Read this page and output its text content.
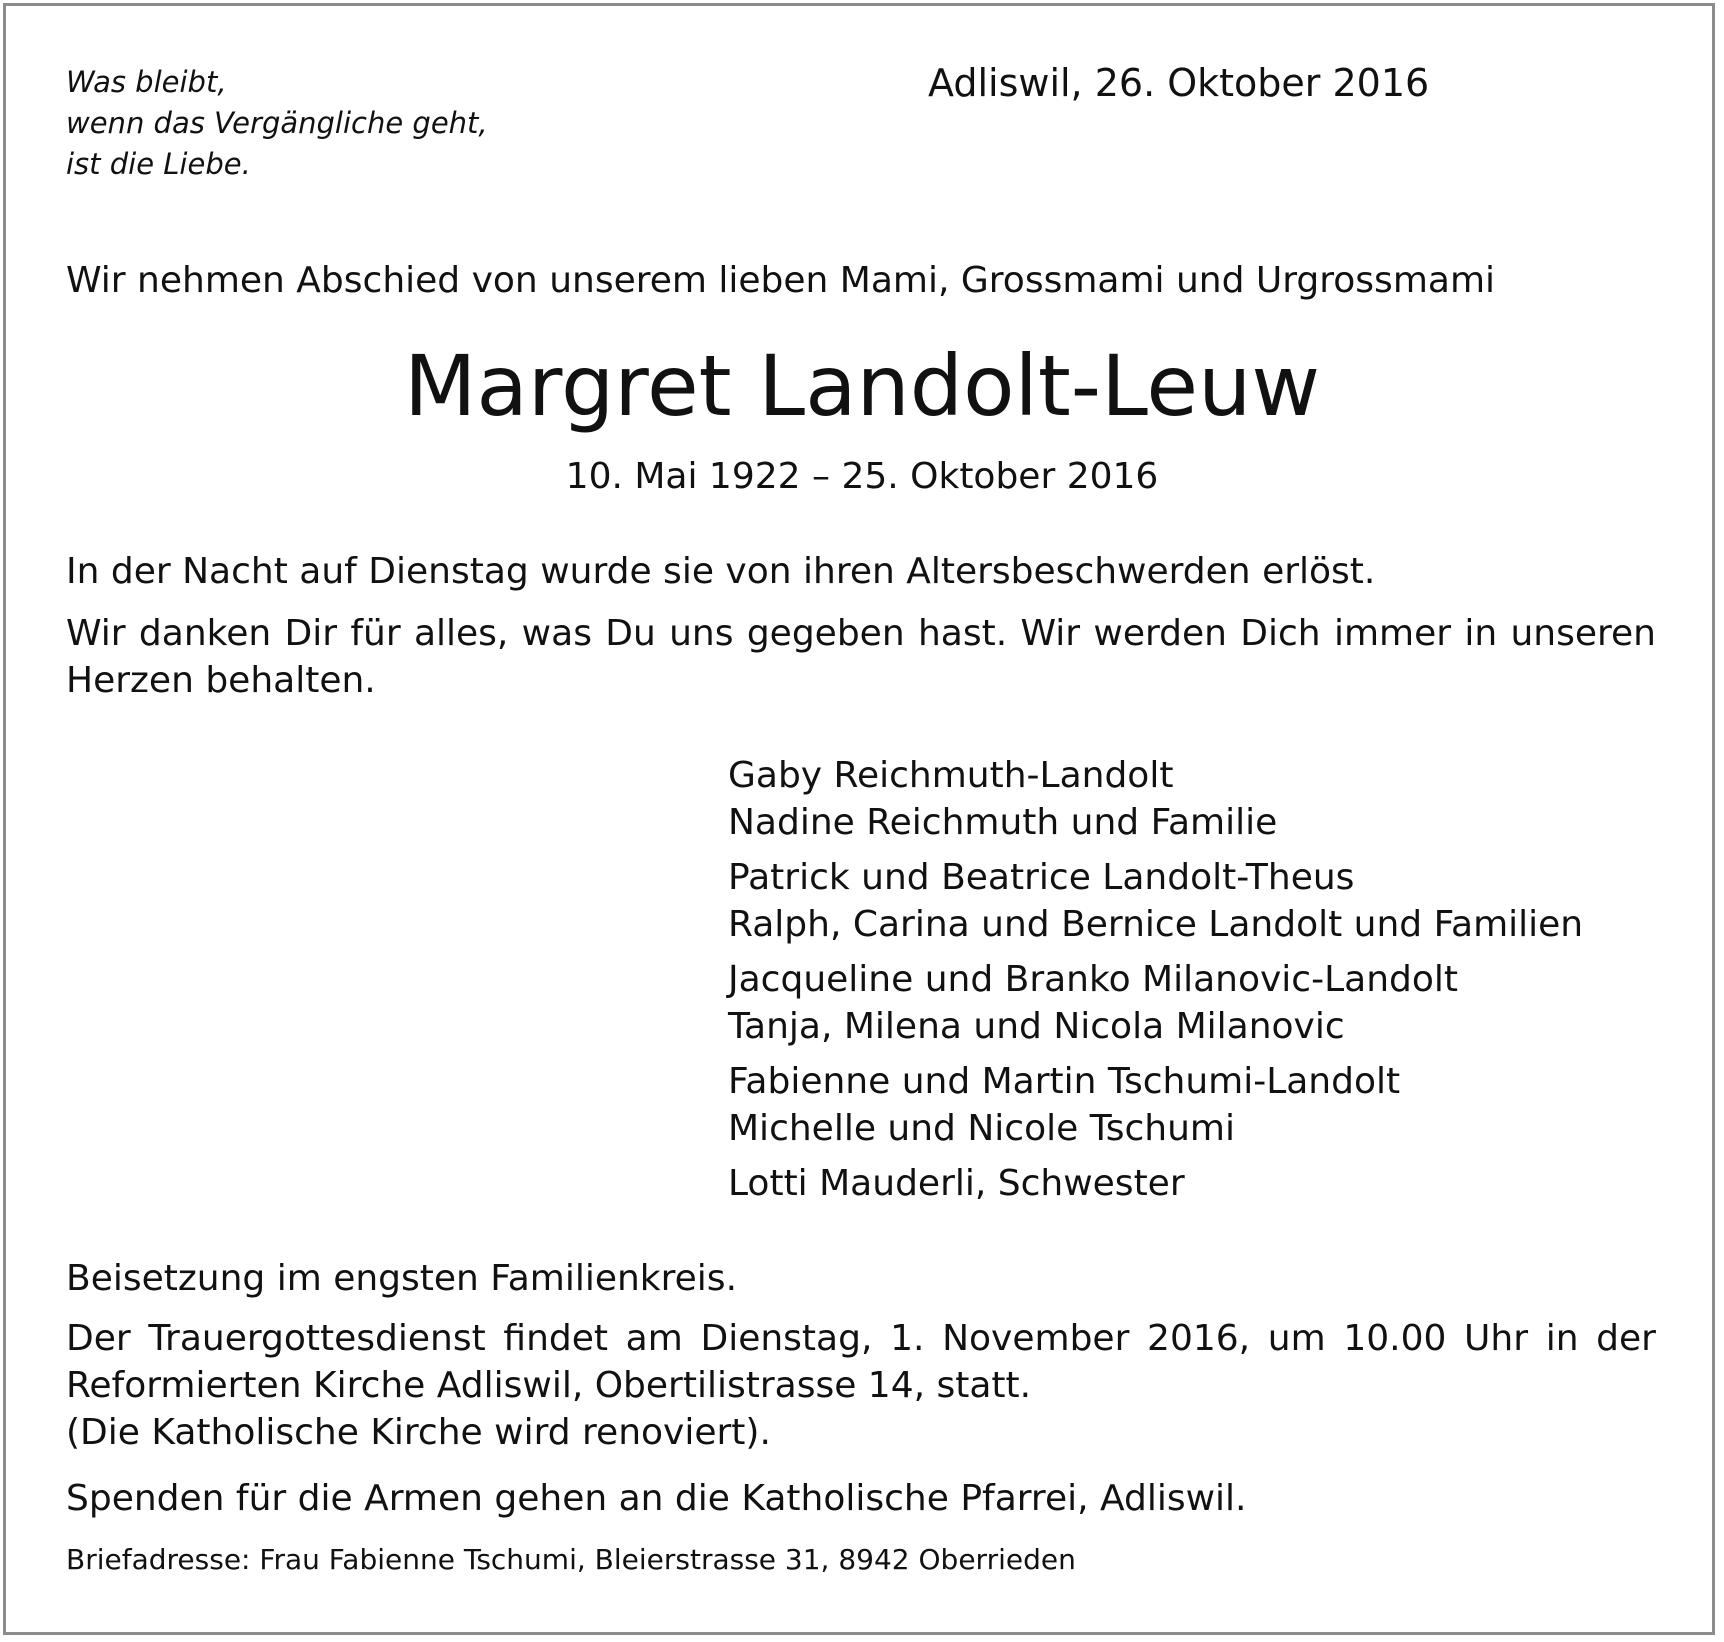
Was bleibt,
wenn das Vergängliche geht,
ist die Liebe.

Adliswil, 26. Oktober 2016

Wir nehmen Abschied von unserem lieben Mami, Grossmami und Urgrossmami

Margret Landolt-Leuw

10. Mai 1922 – 25. Oktober 2016

In der Nacht auf Dienstag wurde sie von ihren Altersbeschwerden erlöst.

Wir danken Dir für alles, was Du uns gegeben hast. Wir werden Dich immer in unseren Herzen behalten.

Gaby Reichmuth-Landolt
Nadine Reichmuth und Familie
Patrick und Beatrice Landolt-Theus
Ralph, Carina und Bernice Landolt und Familien
Jacqueline und Branko Milanovic-Landolt
Tanja, Milena und Nicola Milanovic
Fabienne und Martin Tschumi-Landolt
Michelle und Nicole Tschumi
Lotti Mauderli, Schwester

Beisetzung im engsten Familienkreis.

Der Trauergottesdienst findet am Dienstag, 1. November 2016, um 10.00 Uhr in der Reformierten Kirche Adliswil, Obertilistrasse 14, statt.
(Die Katholische Kirche wird renoviert).

Spenden für die Armen gehen an die Katholische Pfarrei, Adliswil.

Briefadresse: Frau Fabienne Tschumi, Bleierstrasse 31, 8942 Oberrieden
